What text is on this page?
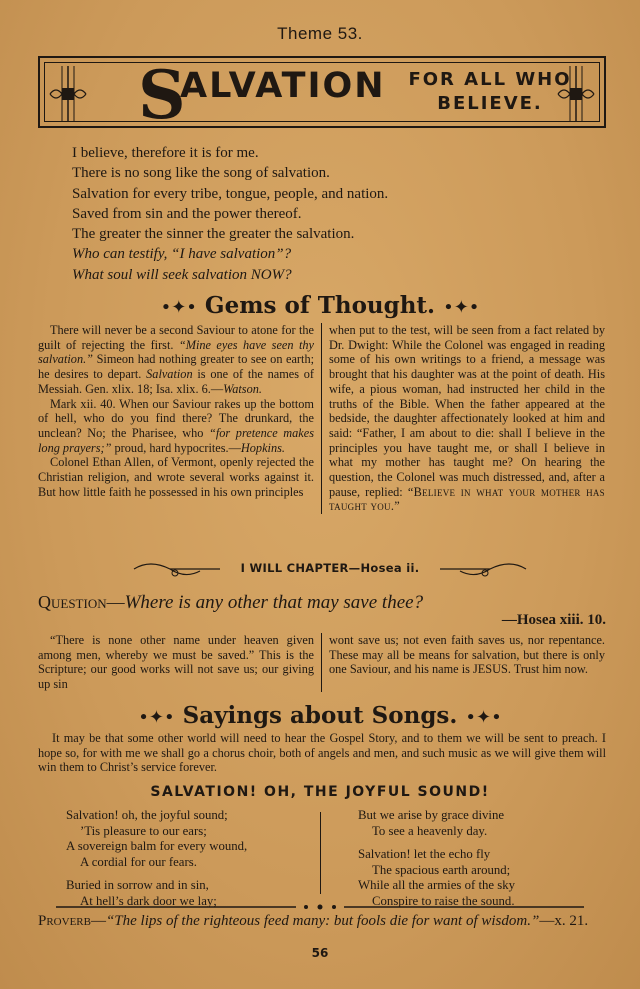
Theme 53.
S
ALVATION	FOR ALL WHO
BELIEVE.
I believe, therefore it is for me.
There is no song like the song of salvation.
Salvation for every tribe, tongue, people, and nation.
Saved from sin and the power thereof.
The greater the sinner the greater the salvation.
Who can testify, “I have salvation”?
What soul will seek salvation NOW?
•✦• Gems of Thought. •✦•

There will never be a second Saviour to atone for the guilt of rejecting the first. “Mine eyes have seen thy salvation.” Simeon had nothing greater to see on earth; he desires to depart. Salvation is one of the names of Messiah. Gen. xlix. 18; Isa. xlix. 6.—Watson.

Mark xii. 40. When our Saviour rakes up the bottom of hell, who do you find there? The drunkard, the unclean? No; the Pharisee, who “for pretence makes long prayers;” proud, hard hypocrites.—Hopkins.

Colonel Ethan Allen, of Vermont, openly rejected the Christian religion, and wrote several works against it. But how little faith he possessed in his own principles

when put to the test, will be seen from a fact related by Dr. Dwight: While the Colonel was engaged in reading some of his own writings to a friend, a message was brought that his daughter was at the point of death. His wife, a pious woman, had instructed her child in the truths of the Bible. When the father appeared at the bedside, the daughter affectionately looked at him and said: “Father, I am about to die: shall I believe in the principles you have taught me, or shall I believe in what my mother has taught me? On hearing the question, the Colonel was much distressed, and, after a pause, replied: “Believe in what your mother has taught you.”

I WILL CHAPTER—Hosea ii.
Question—Where is any other that may save thee?
—Hosea xiii. 10.

“There is none other name under heaven given among men, whereby we must be saved.” This is the Scripture; our good works will not save us; our giving up sin

wont save us; not even faith saves us, nor repentance. These may all be means for salvation, but there is only one Saviour, and his name is JESUS. Trust him now.

•✦• Sayings about Songs. •✦•

It may be that some other world will need to hear the Gospel Story, and to them we will be sent to preach. I hope so, for with me we shall go a chorus choir, both of angels and men, and such music as we will give them will win them to Christ’s service forever.

SALVATION! OH, THE JOYFUL SOUND!
Salvation! oh, the joyful sound;
’Tis pleasure to our ears;
A sovereign balm for every wound,
A cordial for our fears.
Buried in sorrow and in sin,
At hell’s dark door we lay;
But we arise by grace divine
To see a heavenly day.
Salvation! let the echo fly
The spacious earth around;
While all the armies of the sky
Conspire to raise the sound.
Proverb—“The lips of the righteous feed many: but fools die for want of wisdom.”—x. 21.
56
